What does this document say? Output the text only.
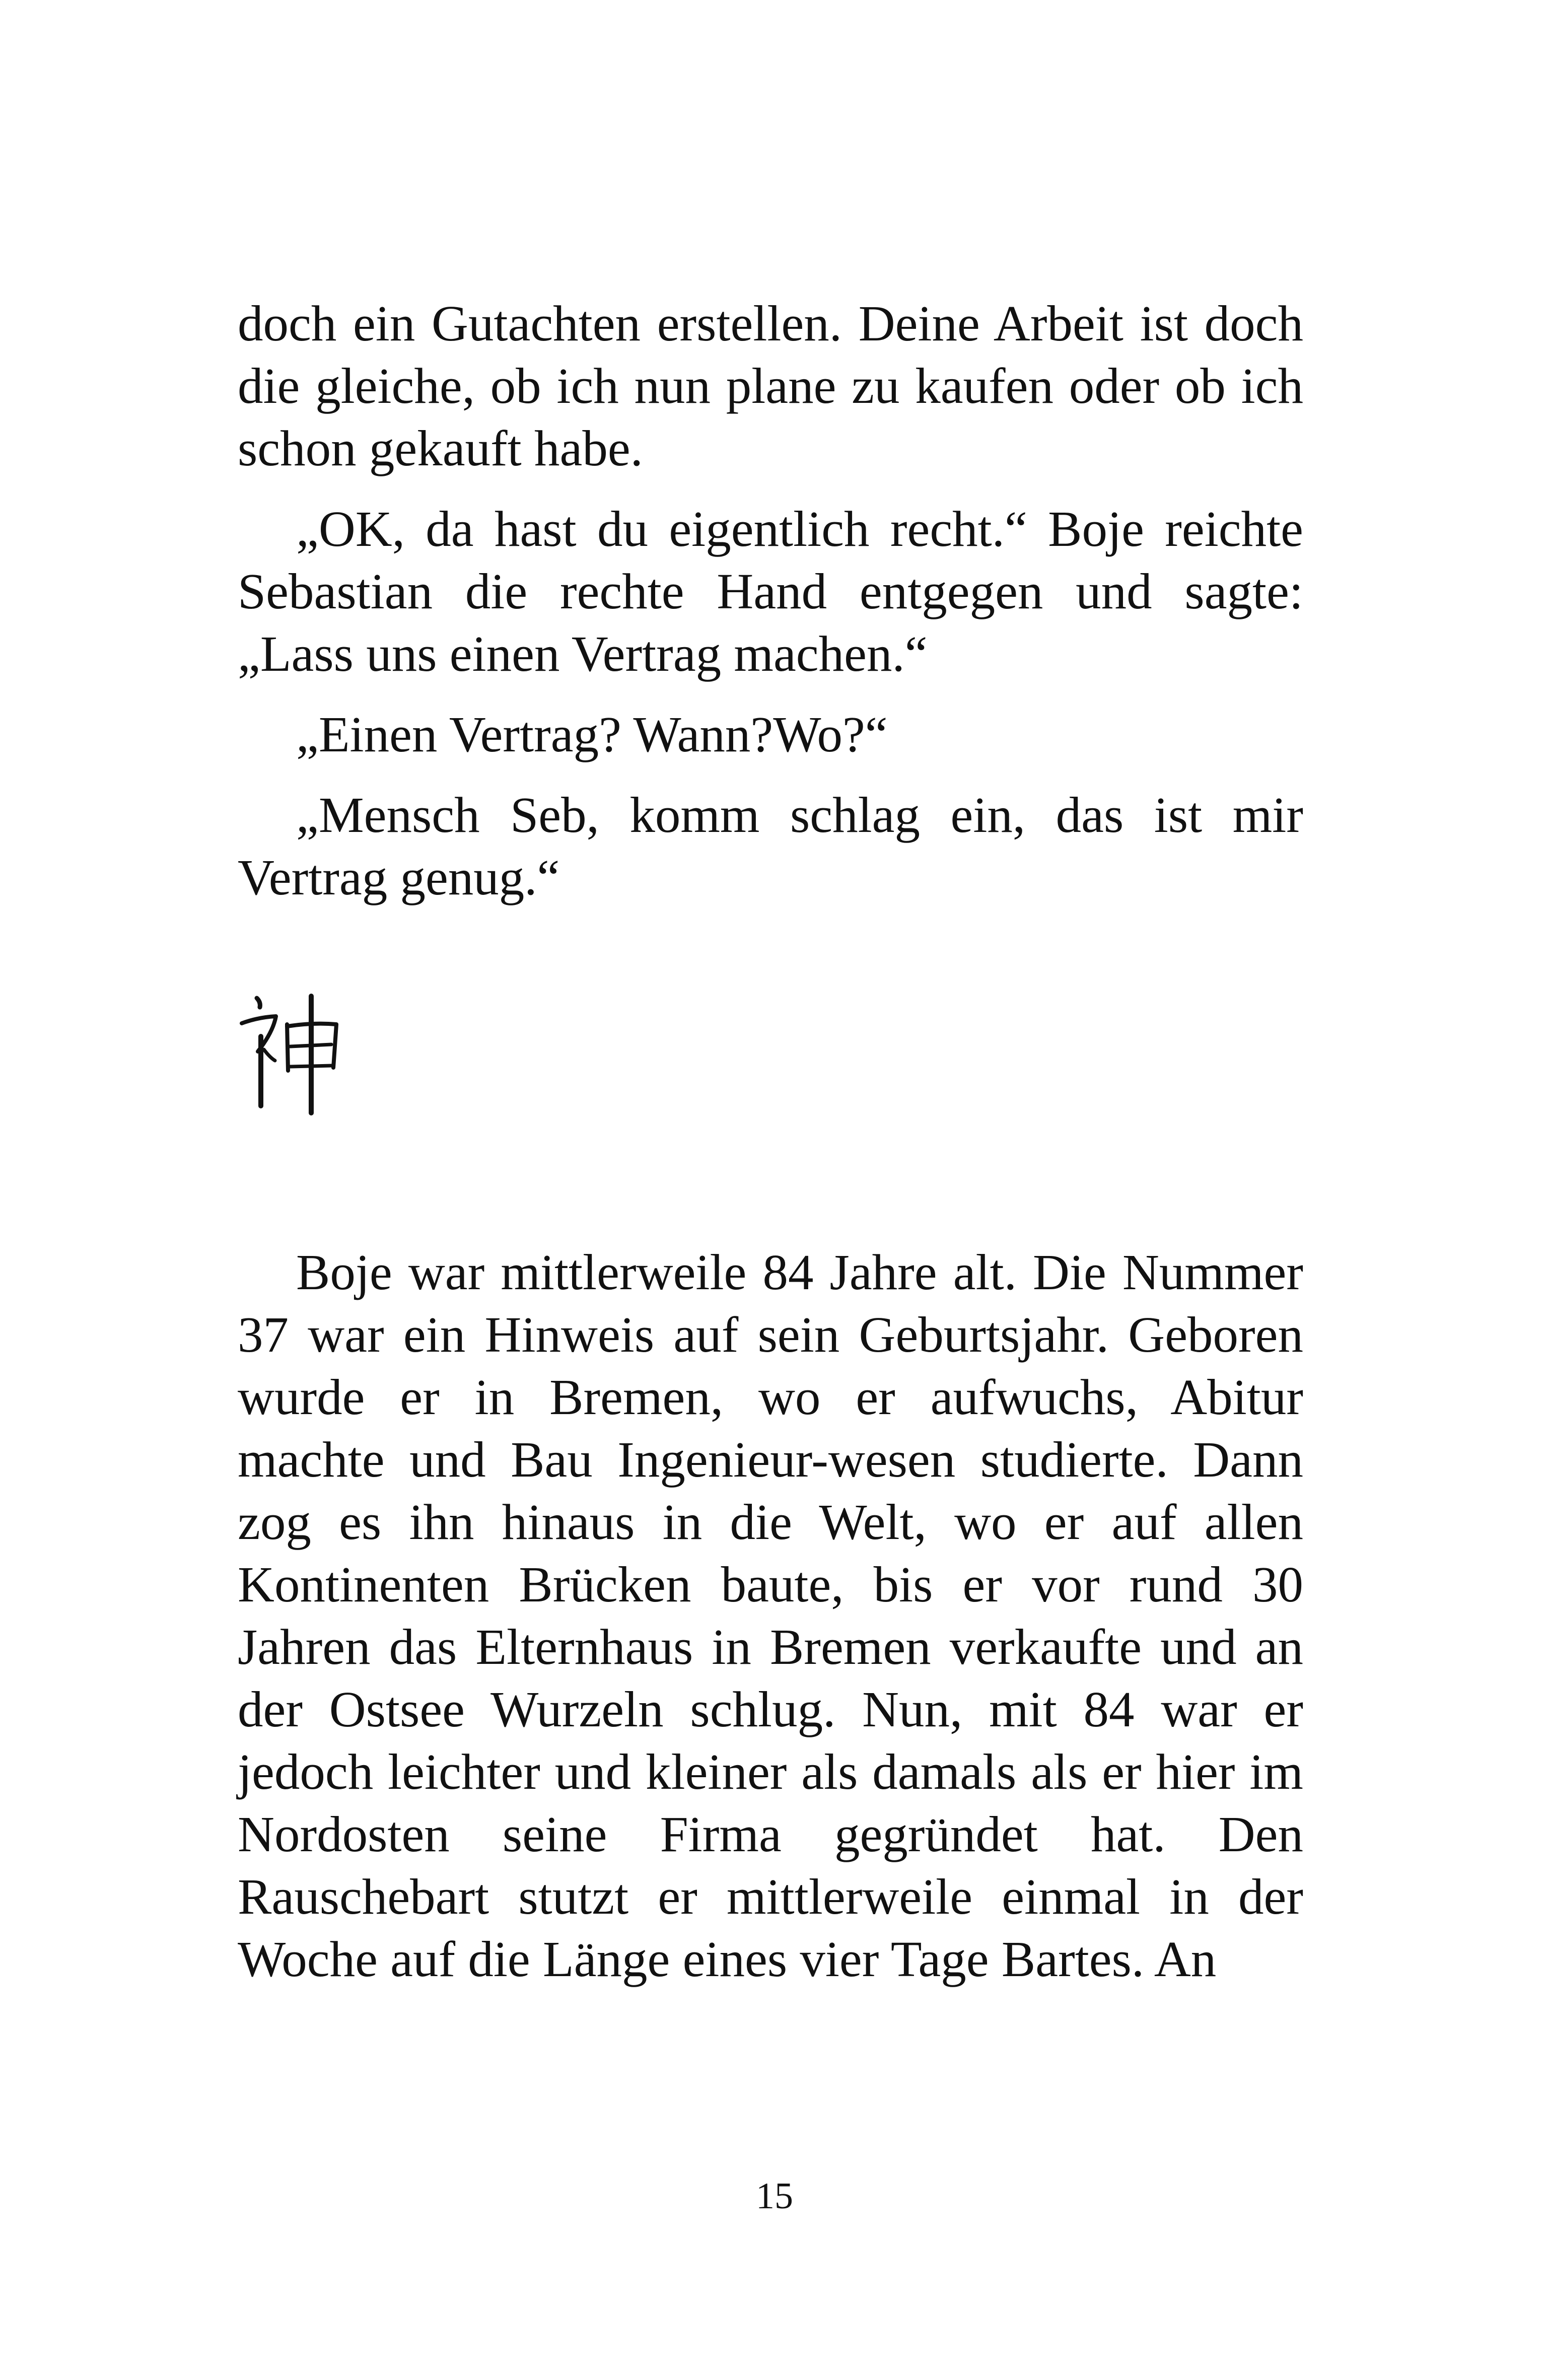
doch ein Gutachten erstellen. Deine Arbeit ist doch die gleiche, ob ich nun plane zu kaufen oder ob ich schon gekauft habe.

„OK, da hast du eigentlich recht.“ Boje reichte Sebastian die rechte Hand entgegen und sagte: „Lass uns einen Vertrag machen.“

„Einen Vertrag? Wann?Wo?“

„Mensch Seb, komm schlag ein, das ist mir Vertrag genug.“

Boje war mittlerweile 84 Jahre alt. Die Nummer 37 war ein Hinweis auf sein Geburtsjahr. Geboren wurde er in Bremen, wo er aufwuchs, Abitur machte und Bau Ingenieur-wesen studierte. Dann zog es ihn hinaus in die Welt, wo er auf allen Kontinenten Brücken baute, bis er vor rund 30 Jahren das Elternhaus in Bremen verkaufte und an der Ostsee Wurzeln schlug. Nun, mit 84 war er jedoch leichter und kleiner als damals als er hier im Nordosten seine Firma gegründet hat. Den Rauschebart stutzt er mittlerweile einmal in der Woche auf die Länge eines vier Tage Bartes. An

15
